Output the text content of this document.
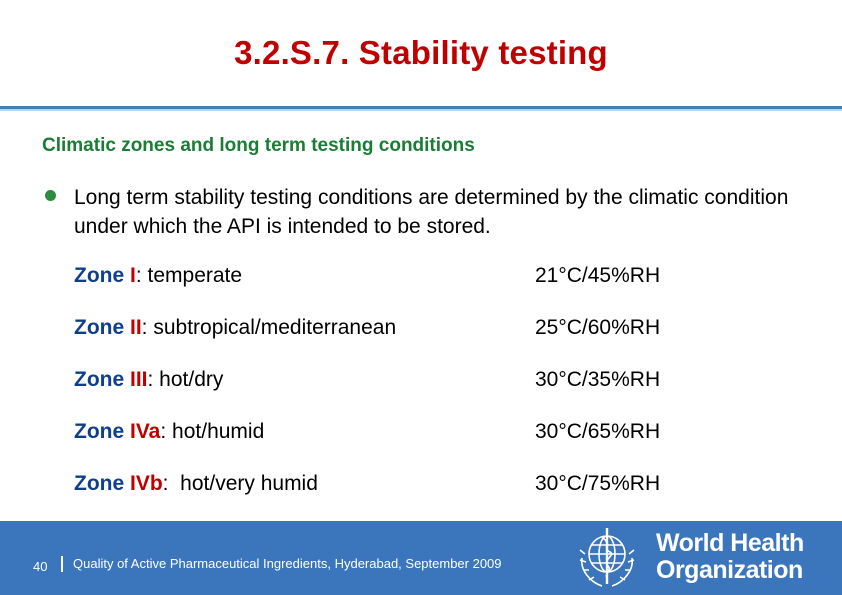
3.2.S.7. Stability testing
Climatic zones and long term testing conditions
Long term stability testing conditions are determined by the climatic condition under which the API is intended to be stored.
Zone I: temperate	21°C/45%RH
Zone II: subtropical/mediterranean	25°C/60%RH
Zone III: hot/dry	30°C/35%RH
Zone IVa: hot/humid	30°C/65%RH
Zone IVb:  hot/very humid	30°C/75%RH
40 Quality of Active Pharmaceutical Ingredients, Hyderabad, September 2009
World Health
Organization
